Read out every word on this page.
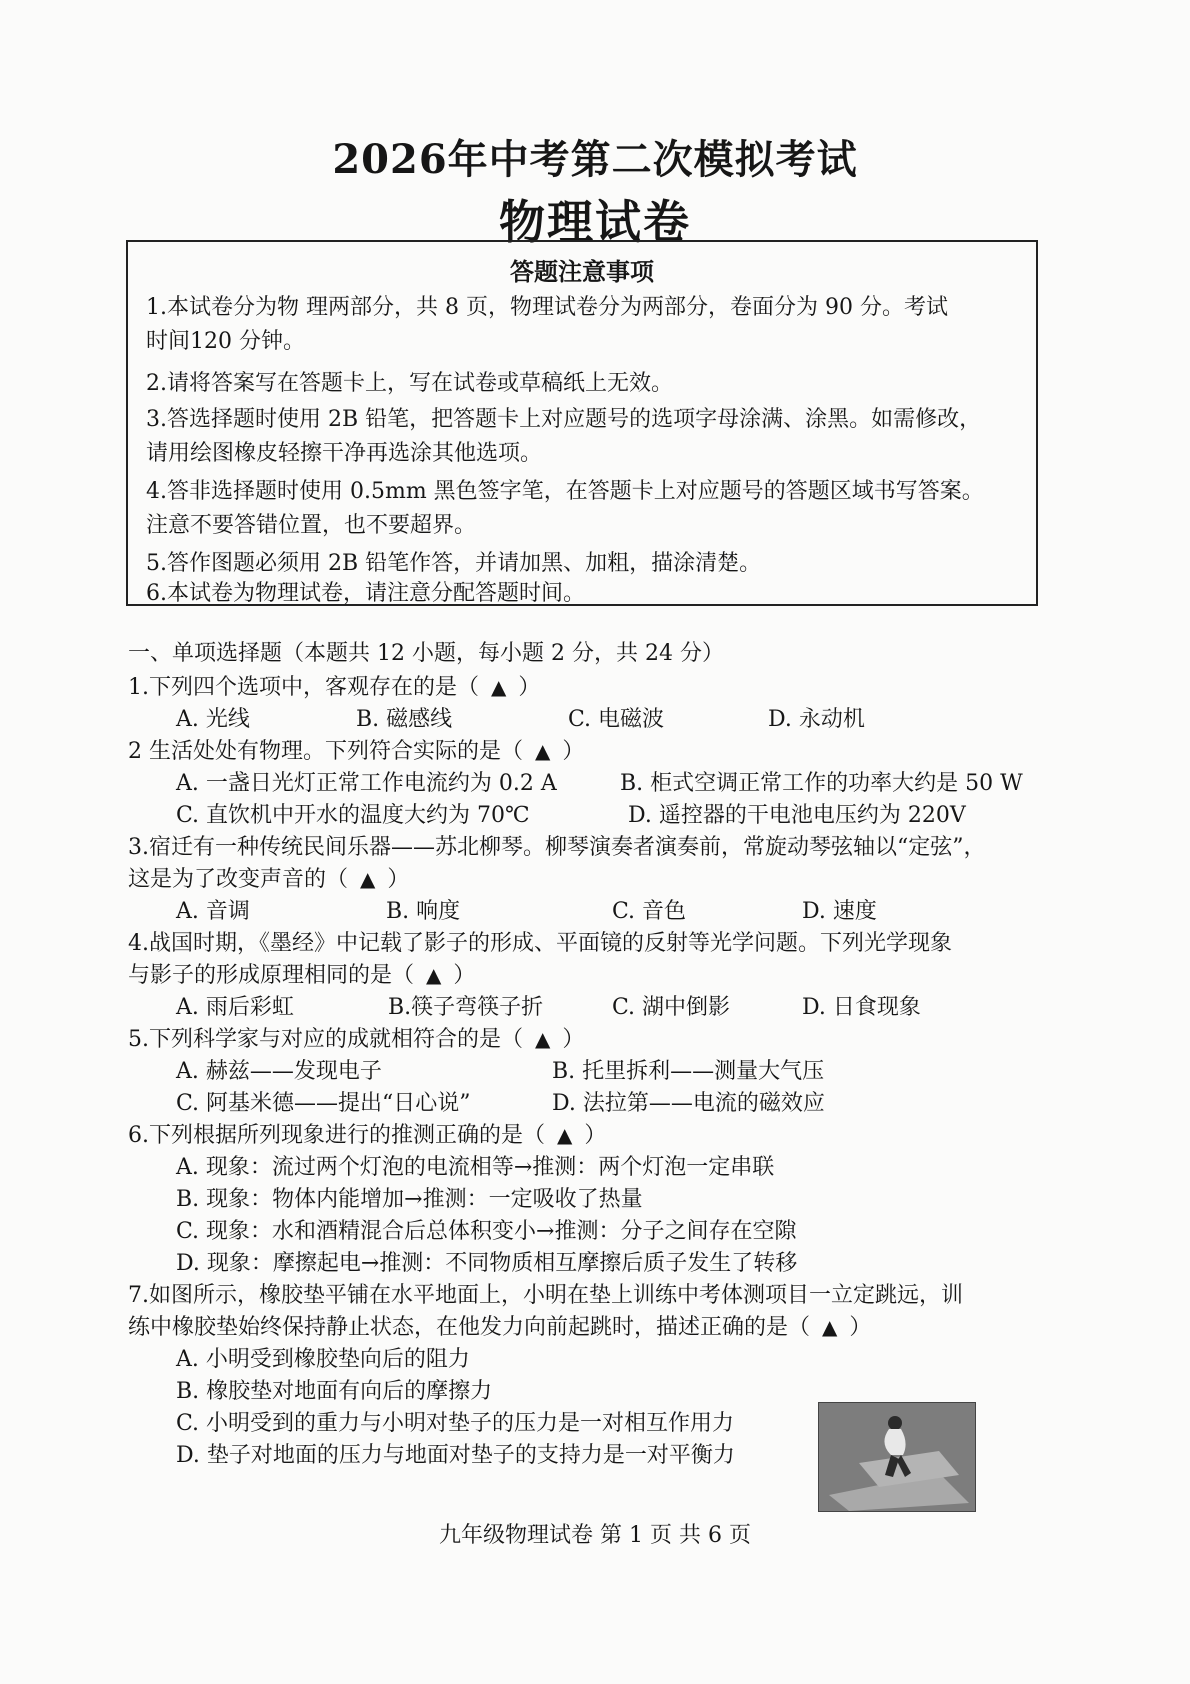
2026年中考第二次模拟考试
物理试卷
答题注意事项
1.本试卷分为物 理两部分，共 8 页，物理试卷分为两部分，卷面分为 90 分。考试
时间120 分钟。
2.请将答案写在答题卡上，写在试卷或草稿纸上无效。
3.答选择题时使用 2B 铅笔，把答题卡上对应题号的选项字母涂满、涂黑。如需修改，
请用绘图橡皮轻擦干净再选涂其他选项。
4.答非选择题时使用 0.5mm 黑色签字笔，在答题卡上对应题号的答题区域书写答案。
注意不要答错位置，也不要超界。
5.答作图题必须用 2B 铅笔作答，并请加黑、加粗，描涂清楚。
6.本试卷为物理试卷，请注意分配答题时间。
一、单项选择题（本题共 12 小题，每小题 2 分，共 24 分）
1.下列四个选项中，客观存在的是（ ▲ ）
A. 光线	B. 磁感线	C. 电磁波	D. 永动机
2 生活处处有物理。下列符合实际的是（ ▲ ）
A. 一盏日光灯正常工作电流约为 0.2 A	B. 柜式空调正常工作的功率大约是 50 W
C. 直饮机中开水的温度大约为 70℃	D. 遥控器的干电池电压约为 220V
3.宿迁有一种传统民间乐器——苏北柳琴。柳琴演奏者演奏前，常旋动琴弦轴以“定弦”，
这是为了改变声音的（ ▲ ）
A. 音调	B. 响度	C. 音色	D. 速度
4.战国时期，《墨经》中记载了影子的形成、平面镜的反射等光学问题。下列光学现象
与影子的形成原理相同的是（ ▲ ）
A. 雨后彩虹	B.筷子弯筷子折	C. 湖中倒影	D. 日食现象
5.下列科学家与对应的成就相符合的是（ ▲ ）
A. 赫兹——发现电子	B. 托里拆利——测量大气压
C. 阿基米德——提出“日心说”	D. 法拉第——电流的磁效应
6.下列根据所列现象进行的推测正确的是（ ▲ ）
A. 现象：流过两个灯泡的电流相等→推测：两个灯泡一定串联
B. 现象：物体内能增加→推测：一定吸收了热量
C. 现象：水和酒精混合后总体积变小→推测：分子之间存在空隙
D. 现象：摩擦起电→推测：不同物质相互摩擦后质子发生了转移
7.如图所示，橡胶垫平铺在水平地面上，小明在垫上训练中考体测项目一立定跳远，训
练中橡胶垫始终保持静止状态，在他发力向前起跳时，描述正确的是（ ▲ ）
A. 小明受到橡胶垫向后的阻力
B. 橡胶垫对地面有向后的摩擦力
C. 小明受到的重力与小明对垫子的压力是一对相互作用力
D. 垫子对地面的压力与地面对垫子的支持力是一对平衡力
九年级物理试卷 第 1 页 共 6 页
